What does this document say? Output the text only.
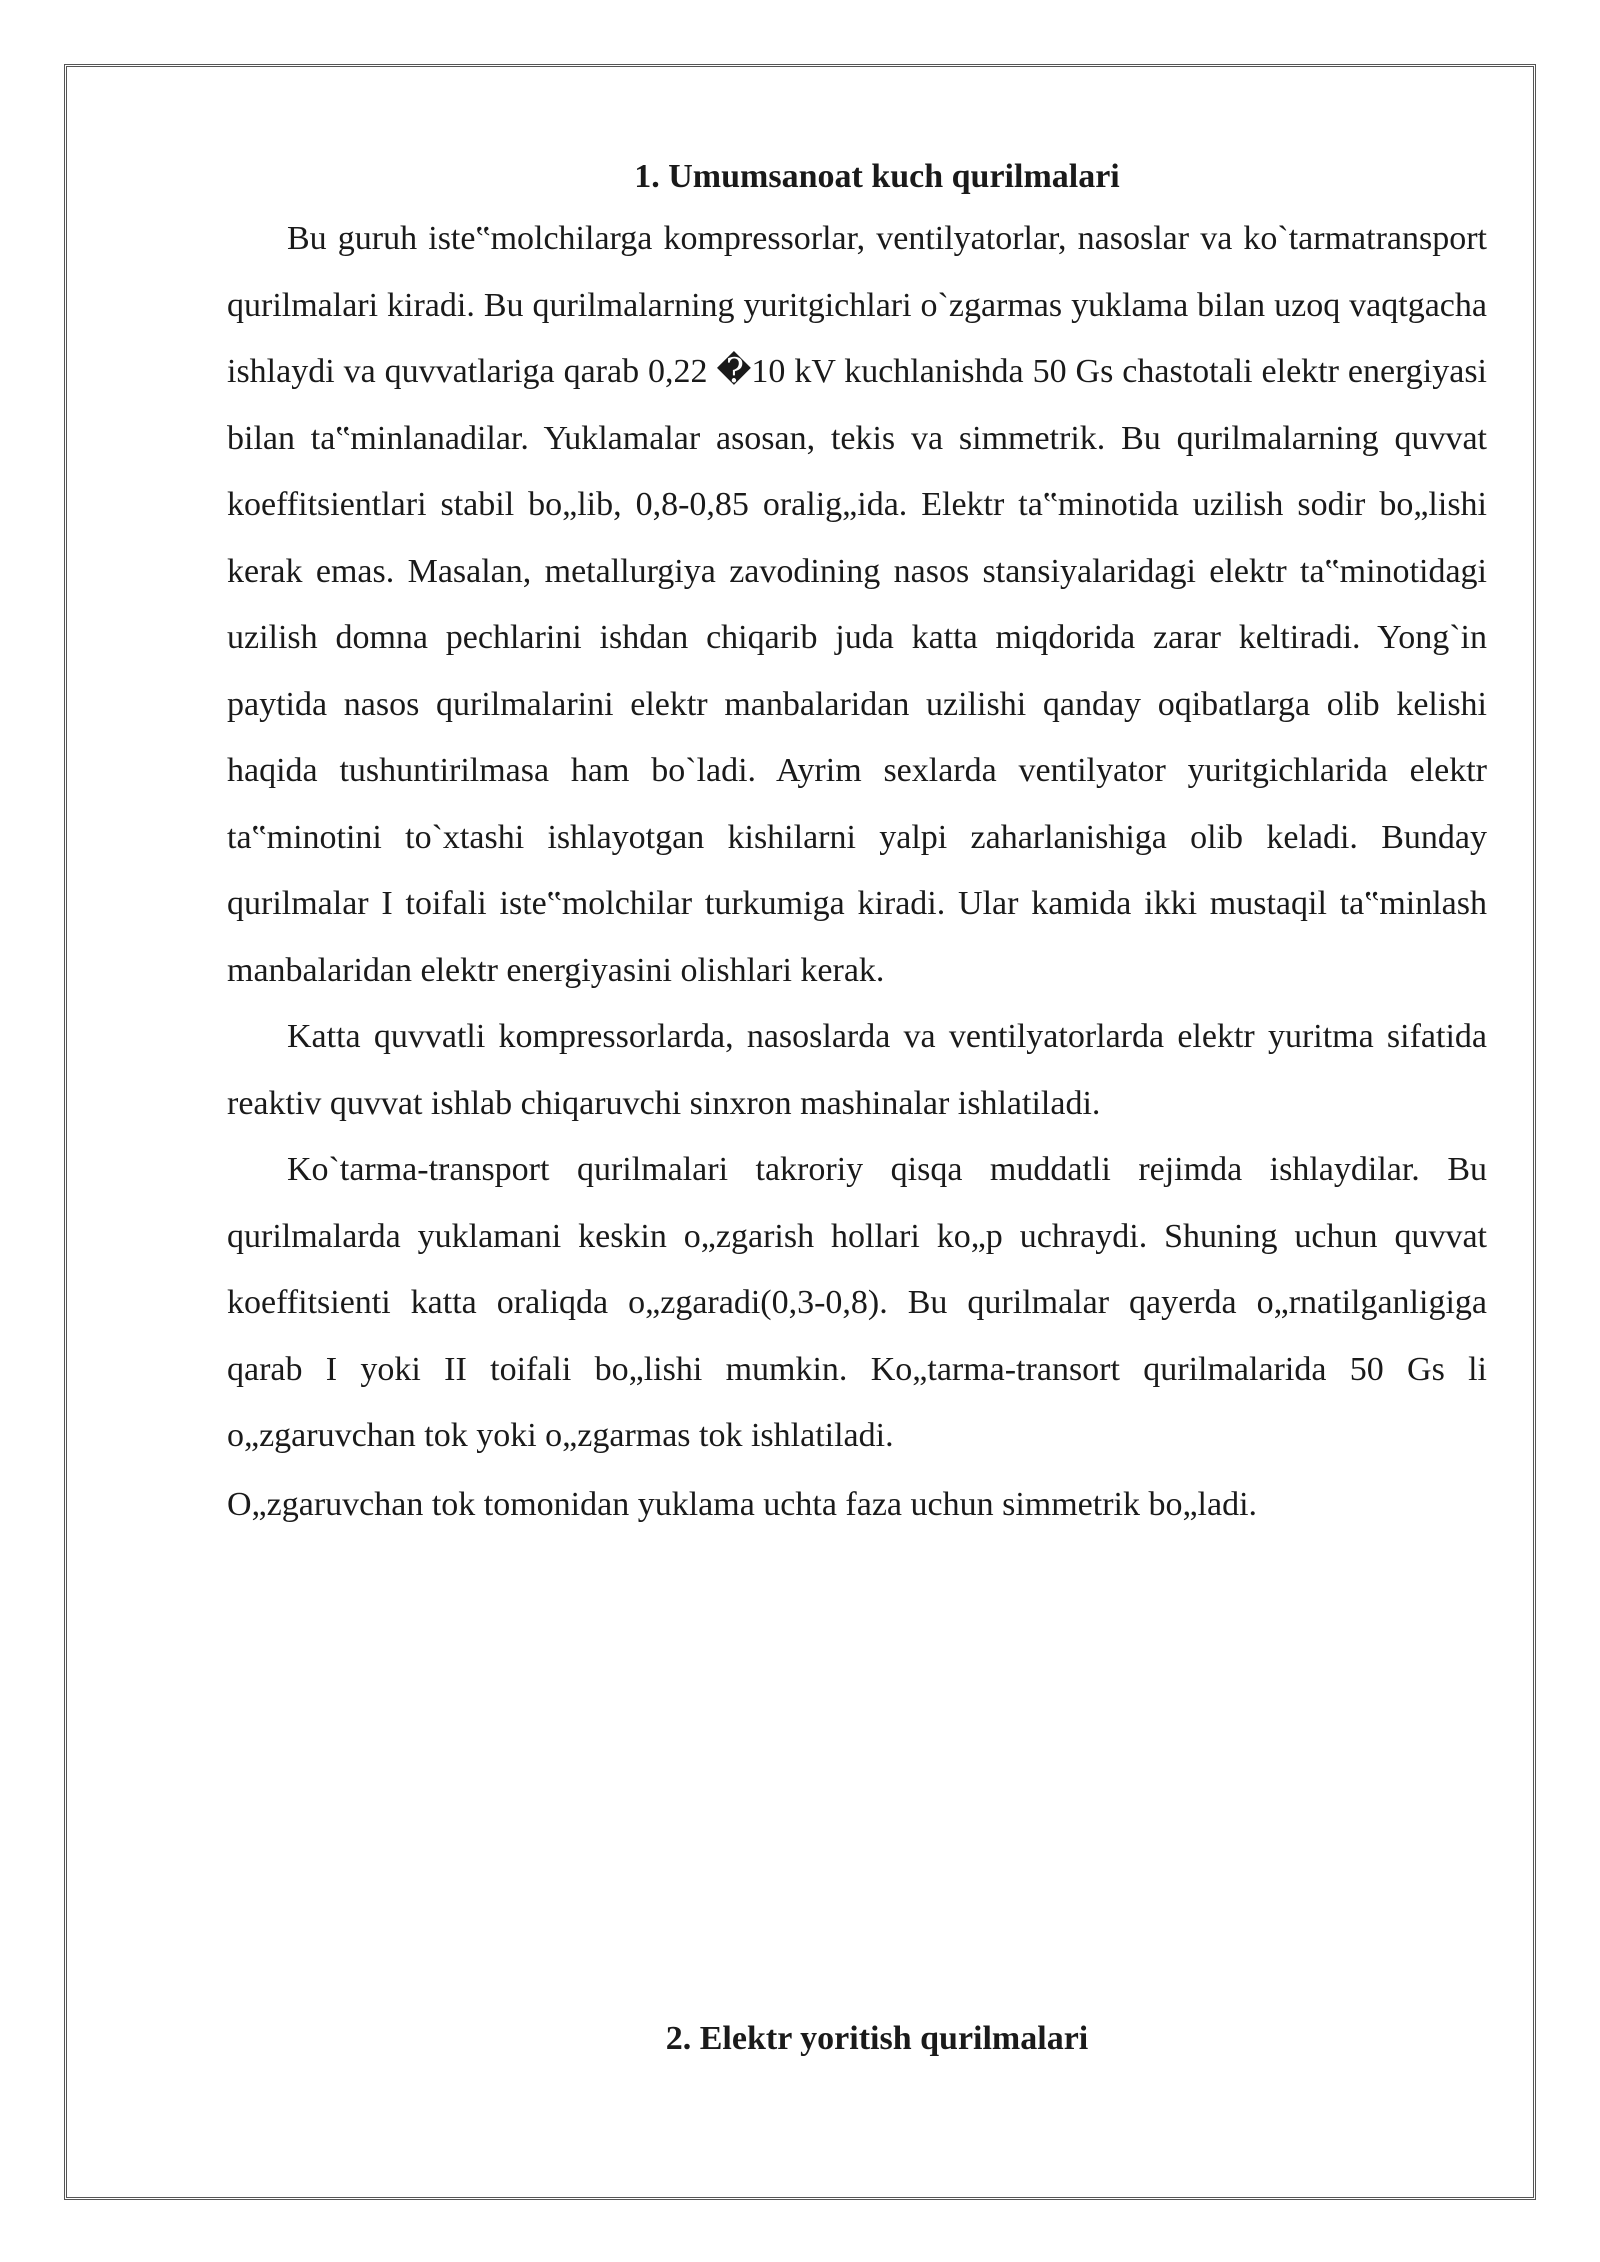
1. Umumsanoat kuch qurilmalari

Bu guruh iste‟molchilarga kompressorlar, ventilyatorlar, nasoslar va ko`tarmatransport qurilmalari kiradi. Bu qurilmalarning yuritgichlari o`zgarmas yuklama bilan uzoq vaqtgacha ishlaydi va quvvatlariga qarab 0,22 �10 kV kuchlanishda 50 Gs chastotali elektr energiyasi bilan ta‟minlanadilar. Yuklamalar asosan, tekis va simmetrik. Bu qurilmalarning quvvat koeffitsientlari stabil bo„lib, 0,8-0,85 oralig„ida. Elektr ta‟minotida uzilish sodir bo„lishi kerak emas. Masalan, metallurgiya zavodining nasos stansiyalaridagi elektr ta‟minotidagi uzilish domna pechlarini ishdan chiqarib juda katta miqdorida zarar keltiradi. Yong`in paytida nasos qurilmalarini elektr manbalaridan uzilishi qanday oqibatlarga olib kelishi haqida tushuntirilmasa ham bo`ladi. Ayrim sexlarda ventilyator yuritgichlarida elektr ta‟minotini to`xtashi ishlayotgan kishilarni yalpi zaharlanishiga olib keladi. Bunday qurilmalar I toifali iste‟molchilar turkumiga kiradi. Ular kamida ikki mustaqil ta‟minlash manbalaridan elektr energiyasini olishlari kerak.

Katta quvvatli kompressorlarda, nasoslarda va ventilyatorlarda elektr yuritma sifatida reaktiv quvvat ishlab chiqaruvchi sinxron mashinalar ishlatiladi.

Ko`tarma-transport qurilmalari takroriy qisqa muddatli rejimda ishlaydilar. Bu qurilmalarda yuklamani keskin o„zgarish hollari ko„p uchraydi. Shuning uchun quvvat koeffitsienti katta oraliqda o„zgaradi(0,3-0,8). Bu qurilmalar qayerda o„rnatilganligiga qarab I yoki II toifali bo„lishi mumkin. Ko„tarma-transort qurilmalarida 50 Gs li o„zgaruvchan tok yoki o„zgarmas tok ishlatiladi.

O„zgaruvchan tok tomonidan yuklama uchta faza uchun simmetrik bo„ladi.

2. Elektr yoritish qurilmalari
